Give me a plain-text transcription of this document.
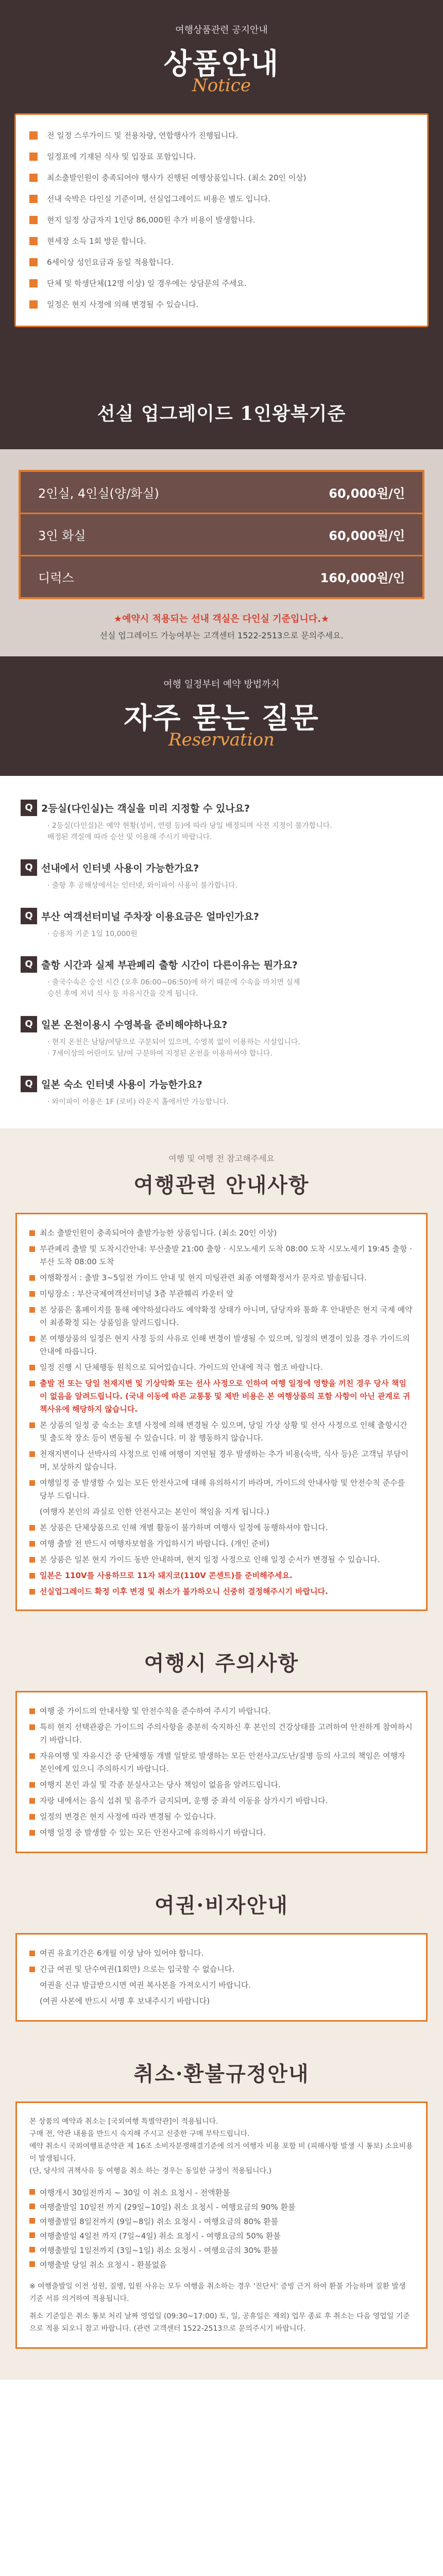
여행상품관련 공지안내
상품안내
Notice
전 일정 스루가이드 및 전용차량, 연합행사가 진행됩니다.
일정표에 기재된 식사 및 입장료 포함입니다.
최소출발인원이 충족되어야 행사가 진행된 여행상품입니다. (최소 20인 이상)
선내 숙박은 다인실 기준이며, 선실업그레이드 비용은 별도 입니다.
현지 일정 상급자지 1인당 86,000원 추가 비용이 발생합니다.
현세장 소득 1회 방문 합니다.
6세이상 성인요금과 동일 적용합니다.
단체 및 학생단체(12명 이상) 일 경우에는 상담문의 주세요.
일정은 현지 사정에 의해 변경될 수 있습니다.
선실 업그레이드 1인왕복기준
2인실, 4인실(양/화실)	60,000원/인
3인 화실	60,000원/인
디럭스	160,000원/인
★예약시 적용되는 선내 객실은 다인실 기준입니다.★
선실 업그레이드 가능여부는 고객센터 1522-2513으로 문의주세요.
여행 일정부터 예약 방법까지
자주 묻는 질문
Reservation
Q 2등실(다인실)는 객실을 미리 지정할 수 있나요?
· 2등실(다인실)은 예약 현황(성비, 연령 등)에 따라 당일 배정되며 사전 지정이 불가합니다.
배정된 객실에 따라 승선 및 이용해 주시기 바랍니다.
Q 선내에서 인터넷 사용이 가능한가요?
· 출항 후 공해상에서는 인터넷, 와이파이 사용이 불가합니다.
Q 부산 여객선터미널 주차장 이용요금은 얼마인가요?
· 승용차 기준 1일 10,000원
Q 출항 시간과 실제 부관페리 출항 시간이 다른이유는 뭔가요?
· 출국수속은 승선 시간 (오후 06:00~06:50)에 하기 때문에 수속을 마치면 실제
승선 후에 저녁 식사 등 자유시간을 갖게 됩니다.
Q 일본 온천이용시 수영복을 준비해야하나요?
· 현지 온천은 남탕/여탕으로 구분되어 있으며, 수영복 없이 이용하는 시설입니다.
· 7세이상의 어린이도 남/여 구분하여 지정된 온천을 이용하셔야 합니다.
Q 일본 숙소 인터넷 사용이 가능한가요?
· 와이파이 이용은 1F (로비) 라운지 홀에서만 가능합니다.
여행 및 여행 전 참고해주세요
여행관련 안내사항
최소 출발인원이 충족되어야 출발가능한 상품입니다. (최소 20인 이상)
부관페리 출발 및 도착시간안내: 부산출발 21:00 출항 · 시모노세키 도착 08:00 도착 시모노세키 19:45 출항 · 부산 도착 08:00 도착
여행확정서 : 출발 3~5일전 가이드 안내 및 현지 미팅관련 최종 여행확정서가 문자로 발송됩니다.
미팅장소 : 부산국제여객선터미널 3층 부관훼리 카운터 앞
본 상품은 홈페이지를 통해 예약하셨다라도 예약확정 상태가 아니며, 담당자와 통화 후 안내받은 현지 국제 예약이 최종확정 되는 상품임을 알려드립니다.
본 여행상품의 일정은 현지 사정 등의 사유로 인해 변경이 발생될 수 있으며, 일정의 변경이 있을 경우 가이드의 안내에 따릅니다.
일정 진행 시 단체행동 원칙으로 되어있습니다. 가이드의 안내에 적극 협조 바랍니다.
출발 전 또는 당일 천재지변 및 기상악화 또는 선사 사정으로 인하여 여행 일정에 영향을 끼친 경우 당사 책임이 없음을 알려드립니다. (국내 이동에 따른 교통통 및 제반 비용은 본 여행상품의 포함 사항이 아닌 관계로 귀책사유에 해당하지 않습니다.
본 상품의 일정 중 숙소는 호텔 사정에 의해 변경될 수 있으며, 당일 가상 상황 및 선사 사정으로 인해 출항시간 및 출도착 장소 등이 변동될 수 있습니다. 미 참 행동하지 않습니다.
천재지변이나 선박사의 사정으로 인해 여행이 지연될 경우 발생하는 추가 비용(숙박, 식사 등)은 고객님 부담이며, 보상하지 않습니다.
여행일정 중 발생할 수 있는 모든 안전사고에 대해 유의하시기 바라며, 가이드의 안내사항 및 안전수칙 준수를 당부 드립니다.
(여행자 본인의 과실로 인한 안전사고는 본인이 책임을 지게 됩니다.)
본 상품은 단체상품으로 인해 개별 활동이 불가하며 여행사 일정에 동행하셔야 합니다.
여행 출발 전 반드시 여행자보험을 가입하시기 바랍니다. (개인 준비)
본 상품은 일본 현지 가이드 동반 안내하며, 현지 일정 사정으로 인해 일정 순서가 변경될 수 있습니다.
일본은 110V를 사용하므로 11자 돼지코(110V 콘센트)를 준비해주세요.
선실업그레이드 확정 이후 변경 및 취소가 불가하오니 신중히 결정해주시기 바랍니다.
여행시 주의사항
여행 중 가이드의 안내사항 및 안전수칙을 준수하여 주시기 바랍니다.
특히 현지 선택관광은 가이드의 주의사항을 충분히 숙지하신 후 본인의 건강상태를 고려하여 안전하게 참여하시기 바랍니다.
자유여행 및 자유시간 중 단체행동 개별 일탈로 발생하는 모든 안전사고/도난/질병 등의 사고의 책임은 여행자 본인에게 있으니 주의하시기 바랍니다.
여행지 본인 과실 및 각종 분실사고는 당사 책임이 없음을 알려드립니다.
자랑 내에서는 음식 섭취 및 음주가 금지되며, 운행 중 좌석 이동을 삼가시기 바랍니다.
일정의 변경은 현지 사정에 따라 변경될 수 있습니다.
여행 일정 중 발생할 수 있는 모든 안전사고에 유의하시기 바랍니다.
여권·비자안내
여권 유효기간은 6개월 이상 남아 있어야 합니다.
긴급 여권 및 단수여권(1회만) 으로는 입국할 수 없습니다.
여권을 신규 발급받으시면 여권 복사본을 가져오시기 바랍니다.
(여권 사본에 반드시 서명 후 보내주시기 바랍니다)
취소·환불규정안내
본 상품의 예약과 취소는 [국외여행 특별약관]이 적용됩니다.
구매 전, 약관 내용을 반드시 숙지해 주시고 신중한 구매 부탁드립니다.
예약 취소시 국외여행표준약관 제 16조 소비자분쟁해결기준에 의거 여행자 비용 포함 비 (피해사항 발생 시 통보) 소요비용이 발생됩니다.
(단, 당사의 귀책사유 등 여행을 취소 하는 경우는 동일한 규정이 적용됩니다.)
여행개시 30일전까지 ~ 30일 이 취소 요청시 - 전액환불
여행출발일 10일전 까지 (29일~10일) 취소 요청시 - 여행요금의 90% 환불
여행출발일 8일전까지 (9일~8일) 취소 요청시 - 여행요금의 80% 환불
여행출발일 4일전 까지 (7일~4일) 취소 요청시 - 여행요금의 50% 환불
여행출발일 1일전까지 (3일~1일) 취소 요청시 - 여행요금의 30% 환불
여행출발 당일 취소 요청시 - 환불없음
※ 여행출발일 이전 성원, 질병, 입원 사유는 모두 여행을 취소하는 경우 '진단서' 증빙 근거 하여 환불 가능하며 질환 발생 기준 서류 의거하여 적용됩니다.
취소 기준일은 취소 통보 처리 날짜 영업일 (09:30~17:00) 토, 일, 공휴일은 제외) 업무 종료 후 취소는 다음 영업일 기준으로 적용 되오니 참고 바랍니다. (관련 고객센터 1522-2513으로 문의주시기 바랍니다.
